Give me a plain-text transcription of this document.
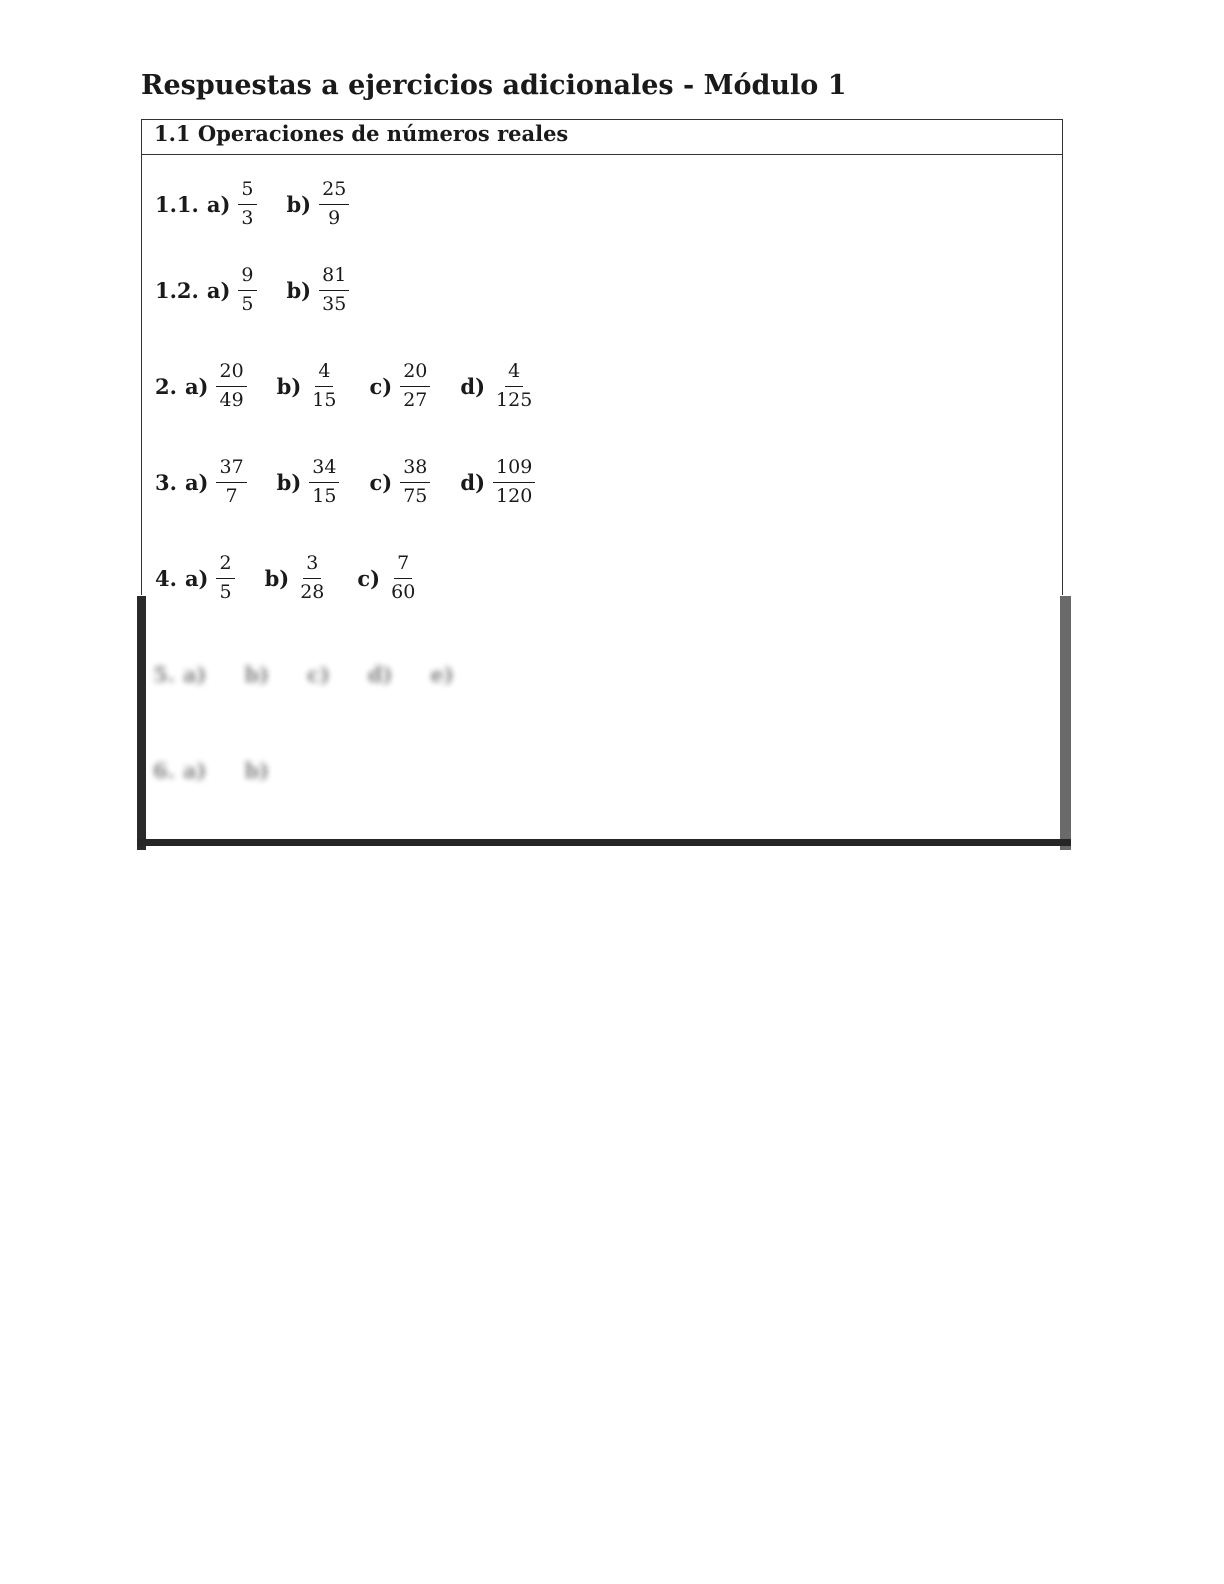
Respuestas a ejercicios adicionales - Módulo 1
1.1 Operaciones de números reales
1.1. $a) \frac{5}{3} b) \frac{25}{9}$
1.2. $a) \frac{9}{5} b) \frac{81}{35}$
2. $a) \frac{20}{49} b) \frac{4}{15} c) \frac{20}{27} d) \frac{4}{125}$
3. $a) \frac{37}{7} b) \frac{34}{15} c) \frac{38}{75} d) \frac{109}{120}$
4. $a) \frac{2}{5} b) \frac{3}{28} c) \frac{7}{60}$
5. a) b) c) d) e)
6. a) b)
